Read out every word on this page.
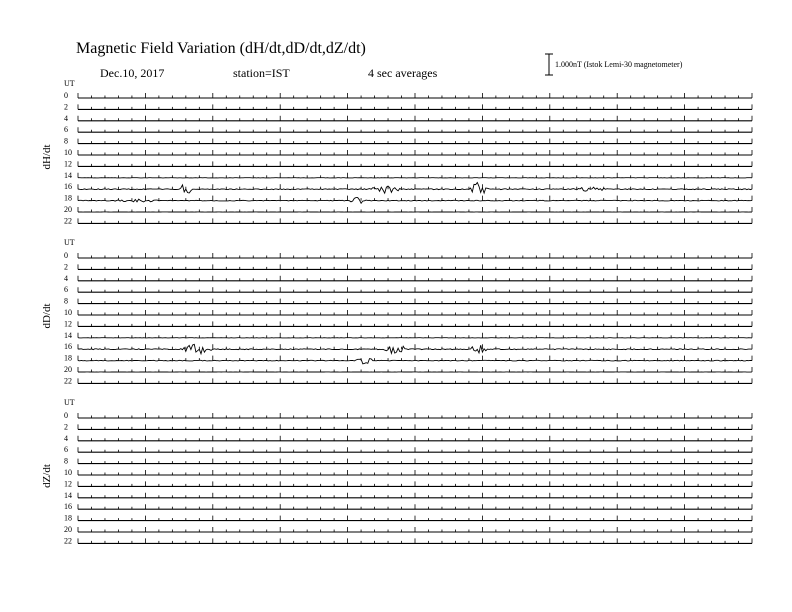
Magnetic Field Variation (dH/dt,dD/dt,dZ/dt)
Dec.10, 2017	station=IST	4 sec averages
1.000nT (Istok Lemi-30 magnetometer)
UT
dH/dt
0
2
4
6
8
10
12
14
16
18
20
22
UT
dD/dt
0
2
4
6
8
10
12
14
16
18
20
22
UT
dZ/dt
0
2
4
6
8
10
12
14
16
18
20
22
